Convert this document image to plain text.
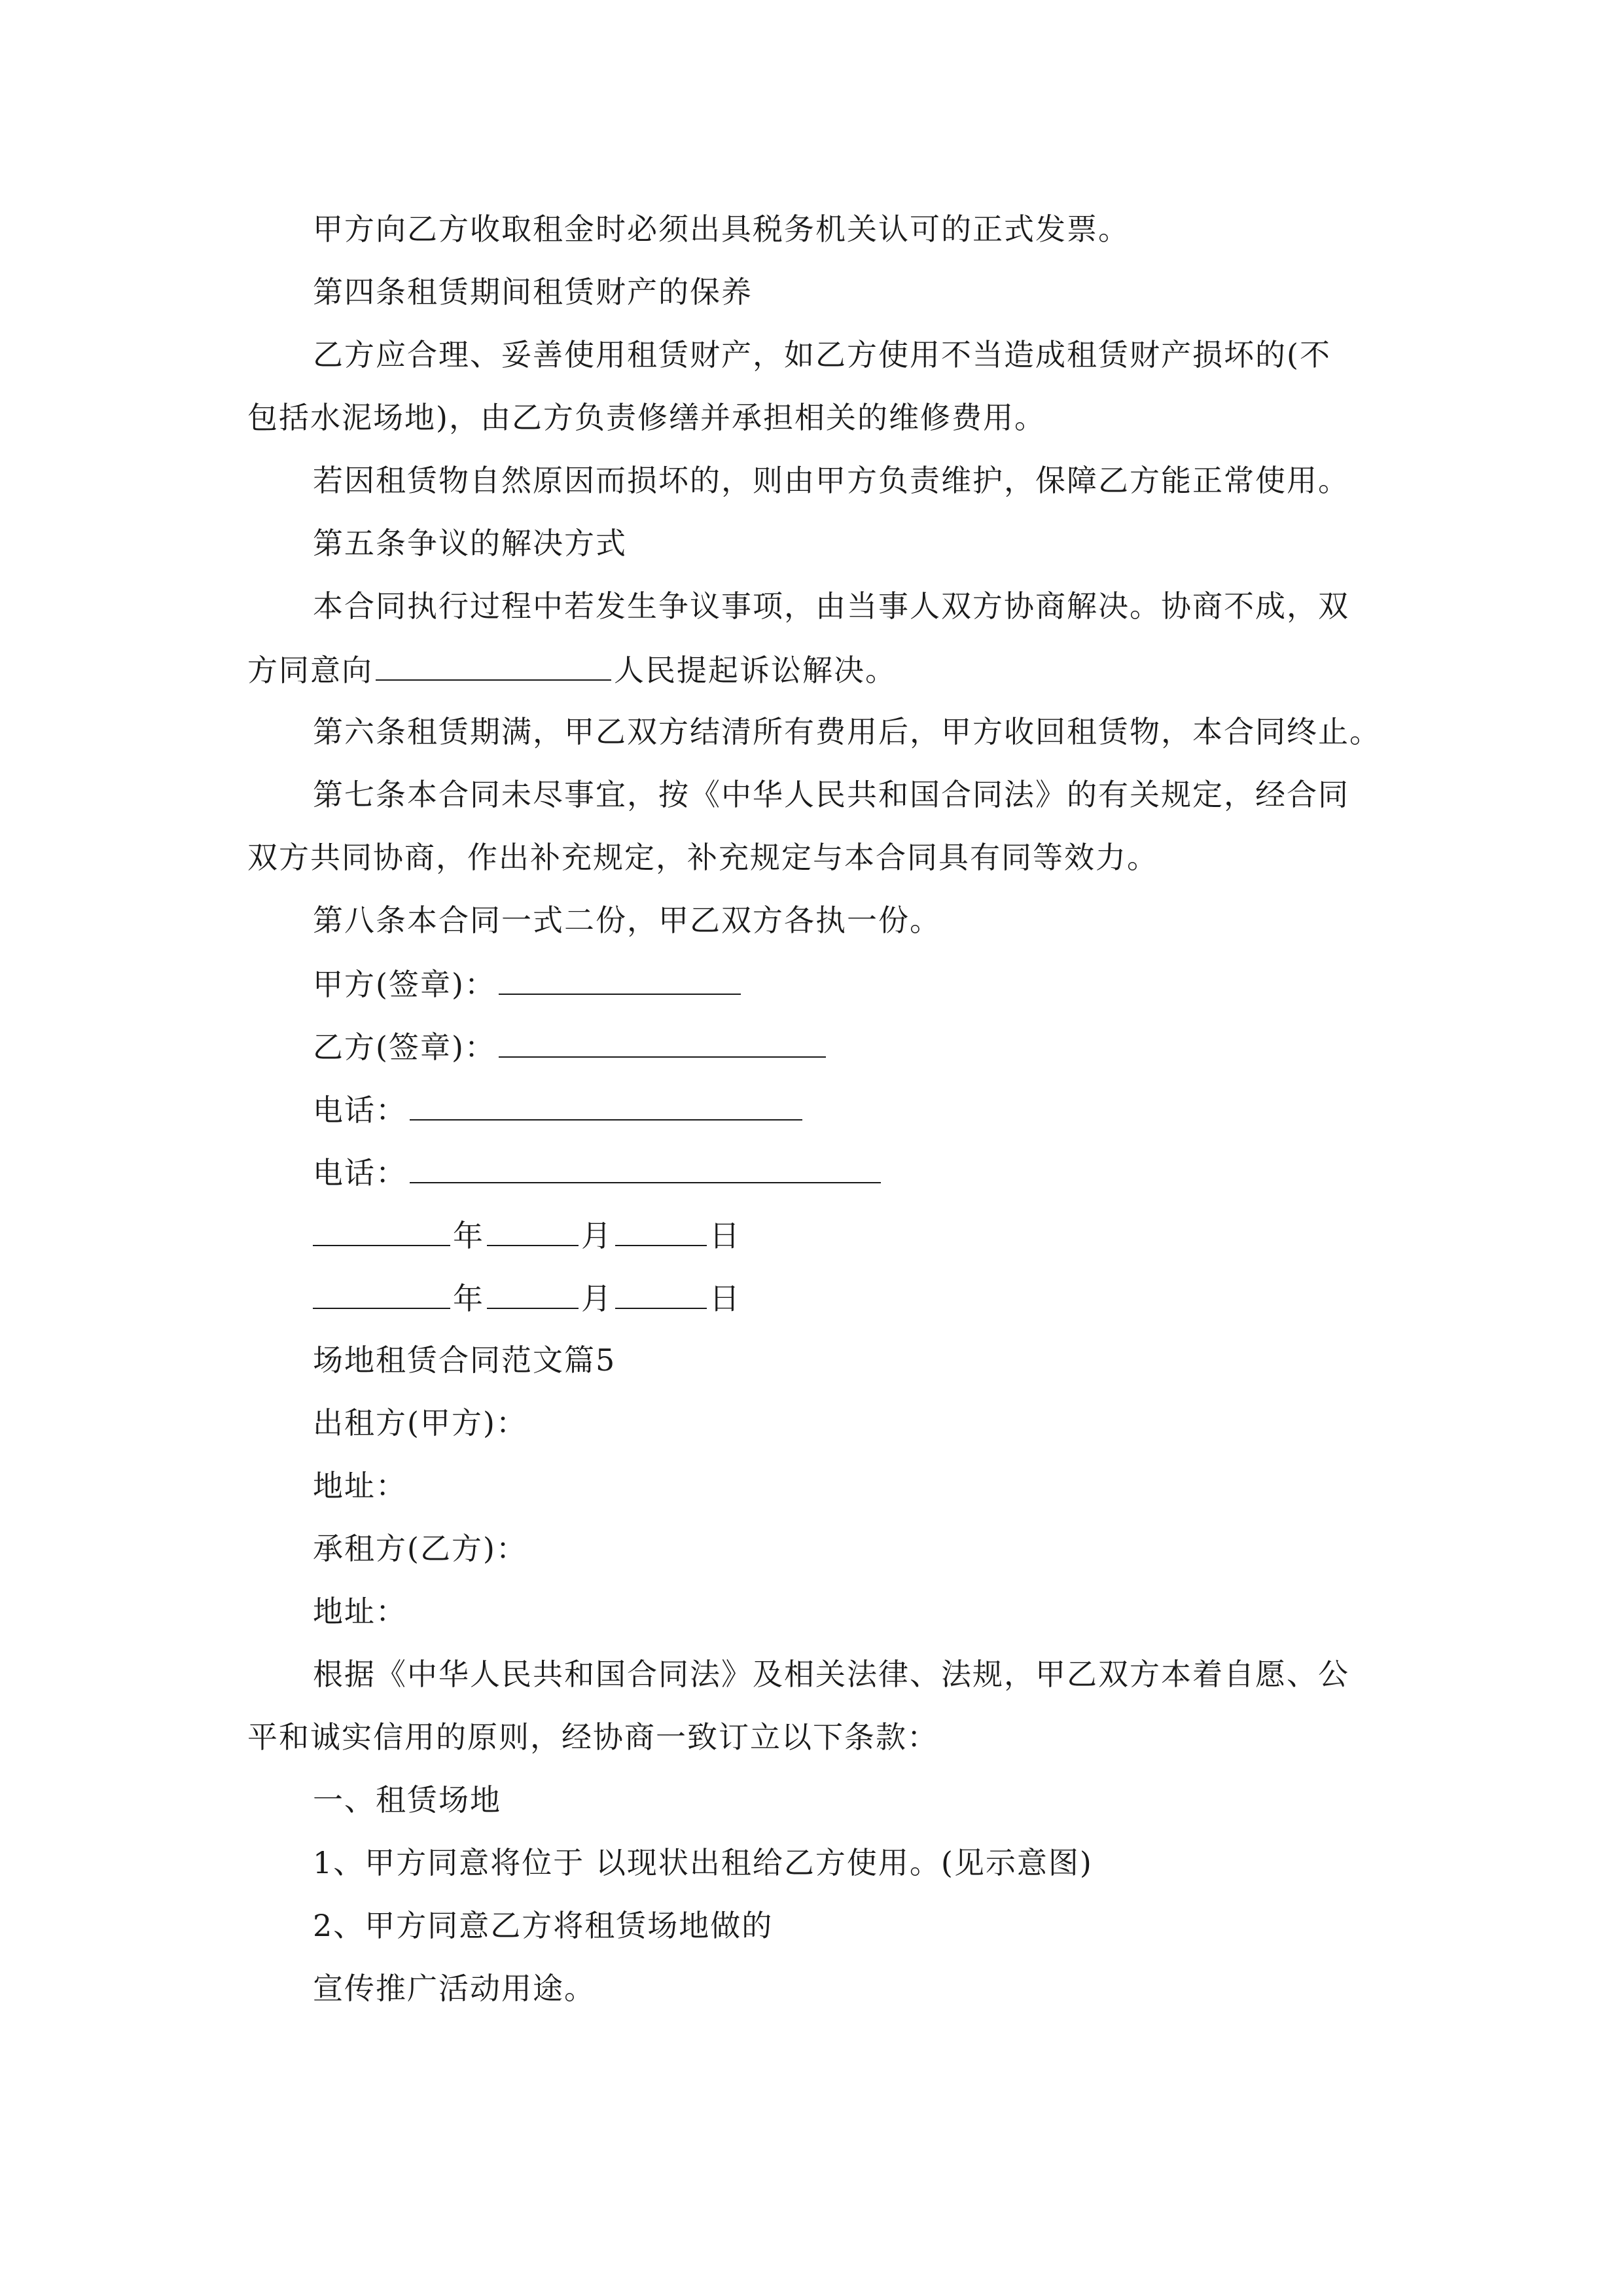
甲方向乙方收取租金时必须出具税务机关认可的正式发票。
第四条租赁期间租赁财产的保养
乙方应合理、妥善使用租赁财产，如乙方使用不当造成租赁财产损坏的(不
包括水泥场地)，由乙方负责修缮并承担相关的维修费用。
若因租赁物自然原因而损坏的，则由甲方负责维护，保障乙方能正常使用。
第五条争议的解决方式
本合同执行过程中若发生争议事项，由当事人双方协商解决。协商不成，双
方同意向	人民提起诉讼解决。
第六条租赁期满，甲乙双方结清所有费用后，甲方收回租赁物，本合同终止。
第七条本合同未尽事宜，按《中华人民共和国合同法》的有关规定，经合同
双方共同协商，作出补充规定，补充规定与本合同具有同等效力。
第八条本合同一式二份，甲乙双方各执一份。
甲方(签章)：
乙方(签章)：
电话：
电话：
年	月	日
年	月	日
场地租赁合同范文篇5
出租方(甲方)：
地址：
承租方(乙方)：
地址：
根据《中华人民共和国合同法》及相关法律、法规，甲乙双方本着自愿、公
平和诚实信用的原则，经协商一致订立以下条款：
一、租赁场地
1、甲方同意将位于 以现状出租给乙方使用。(见示意图)
2、甲方同意乙方将租赁场地做的
宣传推广活动用途。
